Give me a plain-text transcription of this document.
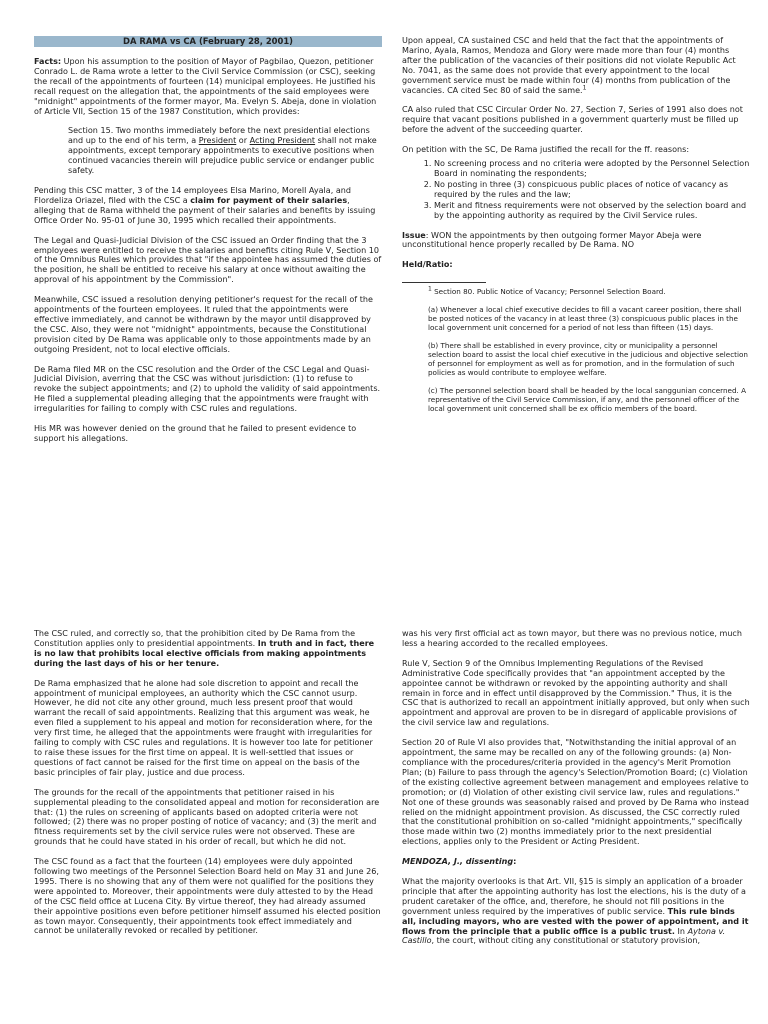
DA RAMA vs CA (February 28, 2001)

Facts: Upon his assumption to the position of Mayor of Pagbilao, Quezon, petitioner Conrado L. de Rama wrote a letter to the Civil Service Commission (or CSC), seeking the recall of the appointments of fourteen (14) municipal employees. He justified his recall request on the allegation that, the appointments of the said employees were "midnight" appointments of the former mayor, Ma. Evelyn S. Abeja, done in violation of Article VII, Section 15 of the 1987 Constitution, which provides:

Section 15. Two months immediately before the next presidential elections and up to the end of his term, a President or Acting President shall not make appointments, except temporary appointments to executive positions when continued vacancies therein will prejudice public service or endanger public safety.

Pending this CSC matter, 3 of the 14 employees Elsa Marino, Morell Ayala, and Flordeliza Oriazel, filed with the CSC a claim for payment of their salaries, alleging that de Rama withheld the payment of their salaries and benefits by issuing Office Order No. 95-01 of June 30, 1995 which recalled their appointments.

The Legal and Quasi-Judicial Division of the CSC issued an Order finding that the 3 employees were entitled to receive the salaries and benefits citing Rule V, Section 10 of the Omnibus Rules which provides that "if the appointee has assumed the duties of the position, he shall be entitled to receive his salary at once without awaiting the approval of his appointment by the Commission".

Meanwhile, CSC issued a resolution denying petitioner's request for the recall of the appointments of the fourteen employees. It ruled that the appointments were effective immediately, and cannot be withdrawn by the mayor until disapproved by the CSC. Also, they were not "midnight" appointments, because the Constitutional provision cited by De Rama was applicable only to those appointments made by an outgoing President, not to local elective officials.

De Rama filed MR on the CSC resolution and the Order of the CSC Legal and Quasi-Judicial Division, averring that the CSC was without jurisdiction: (1) to refuse to revoke the subject appointments; and (2) to uphold the validity of said appointments. He filed a supplemental pleading alleging that the appointments were fraught with irregularities for failing to comply with CSC rules and regulations.

His MR was however denied on the ground that he failed to present evidence to support his allegations.

Upon appeal, CA sustained CSC and held that the fact that the appointments of Marino, Ayala, Ramos, Mendoza and Glory were made more than four (4) months after the publication of the vacancies of their positions did not violate Republic Act No. 7041, as the same does not provide that every appointment to the local government service must be made within four (4) months from publication of the vacancies. CA cited Sec 80 of said the same.$^1$

CA also ruled that CSC Circular Order No. 27, Section 7, Series of 1991 also does not require that vacant positions published in a government quarterly must be filled up before the advent of the succeeding quarter.

On petition with the SC, De Rama justified the recall for the ff. reasons:

1. No screening process and no criteria were adopted by the Personnel Selection Board in nominating the respondents;
2. No posting in three (3) conspicuous public places of notice of vacancy as required by the rules and the law;
3. Merit and fitness requirements were not observed by the selection board and by the appointing authority as required by the Civil Service rules.

Issue: WON the appointments by then outgoing former Mayor Abeja were unconstitutional hence properly recalled by De Rama. NO

Held/Ratio:

$^1$ Section 80. Public Notice of Vacancy; Personnel Selection Board.

(a) Whenever a local chief executive decides to fill a vacant career position, there shall be posted notices of the vacancy in at least three (3) conspicuous public places in the local government unit concerned for a period of not less than fifteen (15) days.

(b) There shall be established in every province, city or municipality a personnel selection board to assist the local chief executive in the judicious and objective selection of personnel for employment as well as for promotion, and in the formulation of such policies as would contribute to employee welfare.

(c) The personnel selection board shall be headed by the local sanggunian concerned. A representative of the Civil Service Commission, if any, and the personnel officer of the local government unit concerned shall be ex officio members of the board.

The CSC ruled, and correctly so, that the prohibition cited by De Rama from the Constitution applies only to presidential appointments. In truth and in fact, there is no law that prohibits local elective officials from making appointments during the last days of his or her tenure.

De Rama emphasized that he alone had sole discretion to appoint and recall the appointment of municipal employees, an authority which the CSC cannot usurp. However, he did not cite any other ground, much less present proof that would warrant the recall of said appointments. Realizing that this argument was weak, he even filed a supplement to his appeal and motion for reconsideration where, for the very first time, he alleged that the appointments were fraught with irregularities for failing to comply with CSC rules and regulations. It is however too late for petitioner to raise these issues for the first time on appeal. It is well-settled that issues or questions of fact cannot be raised for the first time on appeal on the basis of the basic principles of fair play, justice and due process.

The grounds for the recall of the appointments that petitioner raised in his supplemental pleading to the consolidated appeal and motion for reconsideration are that: (1) the rules on screening of applicants based on adopted criteria were not followed; (2) there was no proper posting of notice of vacancy; and (3) the merit and fitness requirements set by the civil service rules were not observed. These are grounds that he could have stated in his order of recall, but which he did not.

The CSC found as a fact that the fourteen (14) employees were duly appointed following two meetings of the Personnel Selection Board held on May 31 and June 26, 1995. There is no showing that any of them were not qualified for the positions they were appointed to. Moreover, their appointments were duly attested to by the Head of the CSC field office at Lucena City. By virtue thereof, they had already assumed their appointive positions even before petitioner himself assumed his elected position as town mayor. Consequently, their appointments took effect immediately and cannot be unilaterally revoked or recalled by petitioner.

was his very first official act as town mayor, but there was no previous notice, much less a hearing accorded to the recalled employees.

Rule V, Section 9 of the Omnibus Implementing Regulations of the Revised Administrative Code specifically provides that "an appointment accepted by the appointee cannot be withdrawn or revoked by the appointing authority and shall remain in force and in effect until disapproved by the Commission." Thus, it is the CSC that is authorized to recall an appointment initially approved, but only when such appointment and approval are proven to be in disregard of applicable provisions of the civil service law and regulations.

Section 20 of Rule VI also provides that, "Notwithstanding the initial approval of an appointment, the same may be recalled on any of the following grounds: (a) Non-compliance with the procedures/criteria provided in the agency's Merit Promotion Plan; (b) Failure to pass through the agency's Selection/Promotion Board; (c) Violation of the existing collective agreement between management and employees relative to promotion; or (d) Violation of other existing civil service law, rules and regulations." Not one of these grounds was seasonably raised and proved by De Rama who instead relied on the midnight appointment provision. As discussed, the CSC correctly ruled that the constitutional prohibition on so-called "midnight appointments," specifically those made within two (2) months immediately prior to the next presidential elections, applies only to the President or Acting President.

MENDOZA, J., dissenting:

What the majority overlooks is that Art. VII, §15 is simply an application of a broader principle that after the appointing authority has lost the elections, his is the duty of a prudent caretaker of the office, and, therefore, he should not fill positions in the government unless required by the imperatives of public service. This rule binds all, including mayors, who are vested with the power of appointment, and it flows from the principle that a public office is a public trust. In Aytona v. Castillo, the court, without citing any constitutional or statutory provision,
